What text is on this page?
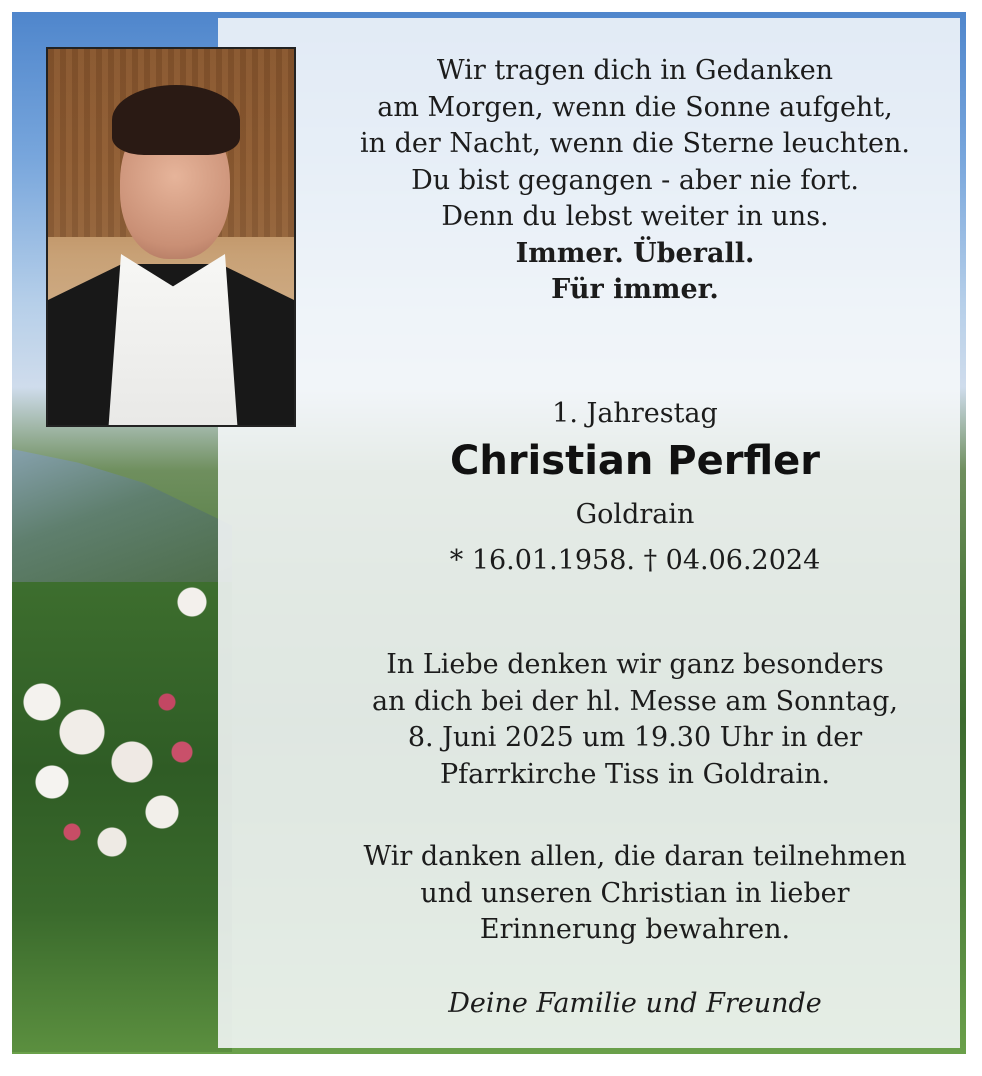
Wir tragen dich in Gedanken
am Morgen, wenn die Sonne aufgeht,
in der Nacht, wenn die Sterne leuchten.
Du bist gegangen - aber nie fort.
Denn du lebst weiter in uns.
Immer. Überall.
Für immer.
1. Jahrestag
Christian Perfler
Goldrain
* 16.01.1958. † 04.06.2024
In Liebe denken wir ganz besonders
an dich bei der hl. Messe am Sonntag,
8. Juni 2025 um 19.30 Uhr in der
Pfarrkirche Tiss in Goldrain.
Wir danken allen, die daran teilnehmen
und unseren Christian in lieber
Erinnerung bewahren.
Deine Familie und Freunde
